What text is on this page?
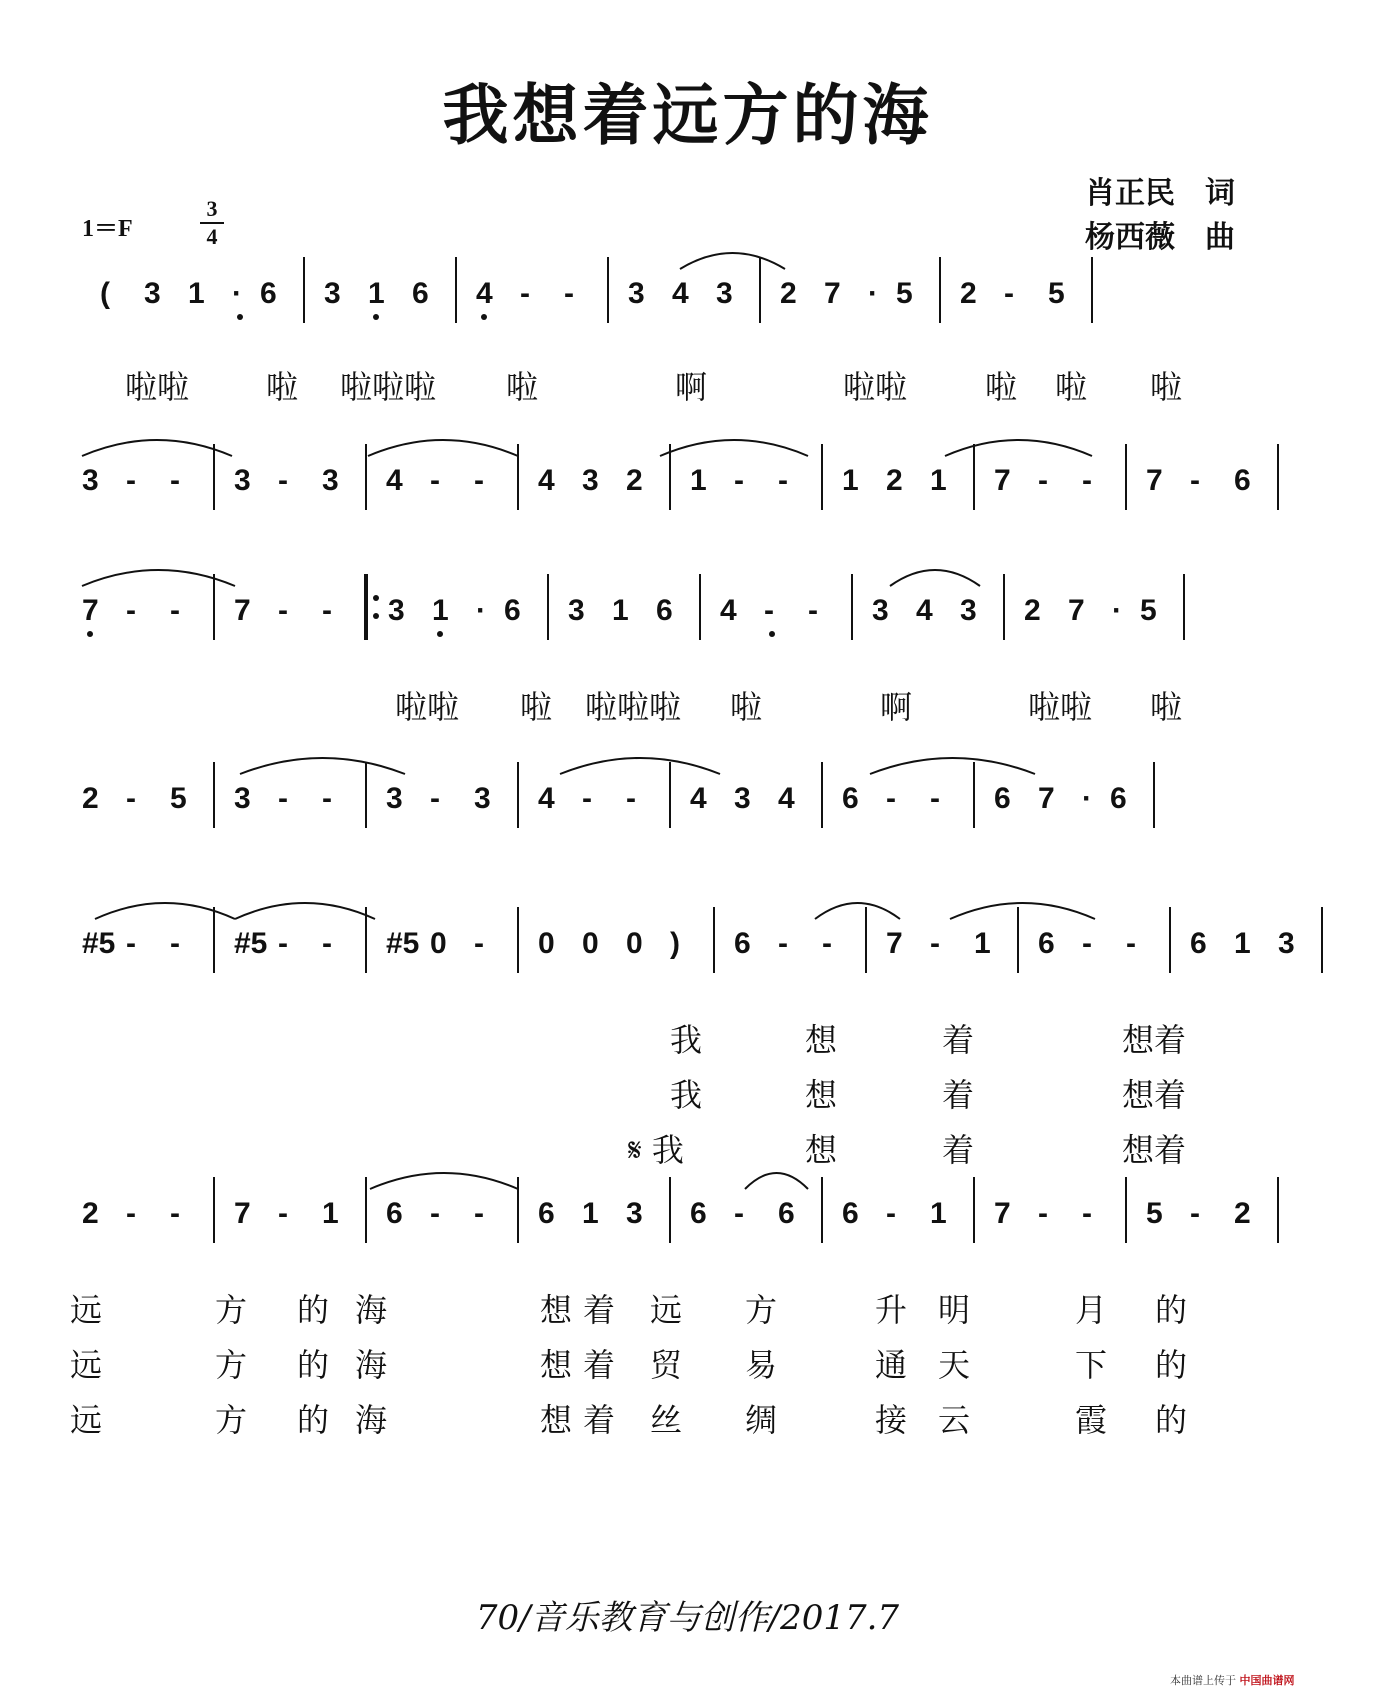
我想着远方的海
1＝F	$\frac{3}{4}$
肖正民　词
杨西薇　曲
( 3 1 · 6 3 1 6 4 - - 3 4 3 2 7 · 5 2 - 5
啦啦 啦 啦啦啦 啦	啊	啦啦 啦 啦 啦
3 - - 3 - 3 4 - - 4 3 2 1 - - 1 2 1 7 - - 7 - 6
7 - - 7 - - 3 1 · 6 3 1 6 4 - - 3 4 3 2 7 · 5
啦啦 啦 啦啦啦 啦	啊	啦啦 啦
2 - 5 3 - - 3 - 3 4 - - 4 3 4 6 - - 6 7 · 6
#5 - - #5 - - #5 0 - 0 0 0 ) 6 - - 7 - 1 6 - - 6 1 3
我	想	着	想着
我	想	着	想着
𝄋 我	想	着	想着
2 - - 7 - 1 6 - - 6 1 3 6 - 6 6 - 1 7 - - 5 - 2
远	方 的 海	想 着 远 方	升 明	月 的
远	方 的 海	想 着 贸 易	通 天	下 的
远	方 的 海	想 着 丝 绸	接 云	霞 的
70/音乐教育与创作/2017.7
本曲谱上传于 中国曲谱网
